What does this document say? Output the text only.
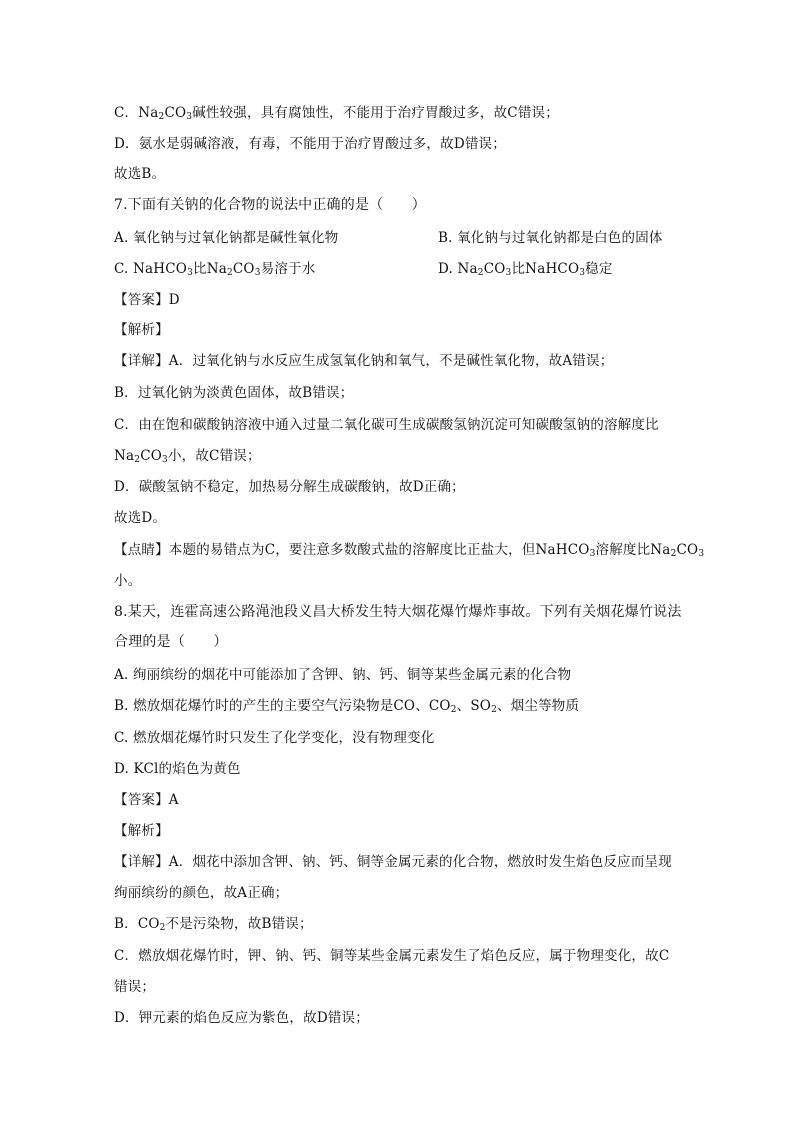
C．$Na_2CO_3$碱性较强，具有腐蚀性，不能用于治疗胃酸过多，故C错误；
D．氨水是弱碱溶液，有毒，不能用于治疗胃酸过多，故D错误；
故选B。
7.下面有关钠的化合物的说法中正确的是（　　）
A. 氧化钠与过氧化钠都是碱性氧化物	B. 氧化钠与过氧化钠都是白色的固体
C. NaHCO$_3$比$Na_2CO_3$易溶于水	D. $Na_2CO_3$比NaHCO$_3$稳定
【答案】D
【解析】
【详解】A．过氧化钠与水反应生成氢氧化钠和氧气，不是碱性氧化物，故A错误；
B．过氧化钠为淡黄色固体，故B错误；
C．由在饱和碳酸钠溶液中通入过量二氧化碳可生成碳酸氢钠沉淀可知碳酸氢钠的溶解度比
$Na_2CO_3$小，故C错误；
D．碳酸氢钠不稳定，加热易分解生成碳酸钠，故D正确；
故选D。
【点睛】本题的易错点为C，要注意多数酸式盐的溶解度比正盐大，但NaHCO$_3$溶解度比$Na_2CO_3$
小。
8.某天，连霍高速公路渑池段义昌大桥发生特大烟花爆竹爆炸事故。下列有关烟花爆竹说法
合理的是（　　）
A. 绚丽缤纷的烟花中可能添加了含钾、钠、钙、铜等某些金属元素的化合物
B. 燃放烟花爆竹时的产生的主要空气污染物是CO、$CO_2$、$SO_2$、烟尘等物质
C. 燃放烟花爆竹时只发生了化学变化，没有物理变化
D. KCl的焰色为黄色
【答案】A
【解析】
【详解】A．烟花中添加含钾、钠、钙、铜等金属元素的化合物，燃放时发生焰色反应而呈现
绚丽缤纷的颜色，故A正确；
B．$CO_2$不是污染物，故B错误；
C．燃放烟花爆竹时，钾、钠、钙、铜等某些金属元素发生了焰色反应，属于物理变化，故C
错误；
D．钾元素的焰色反应为紫色，故D错误；
